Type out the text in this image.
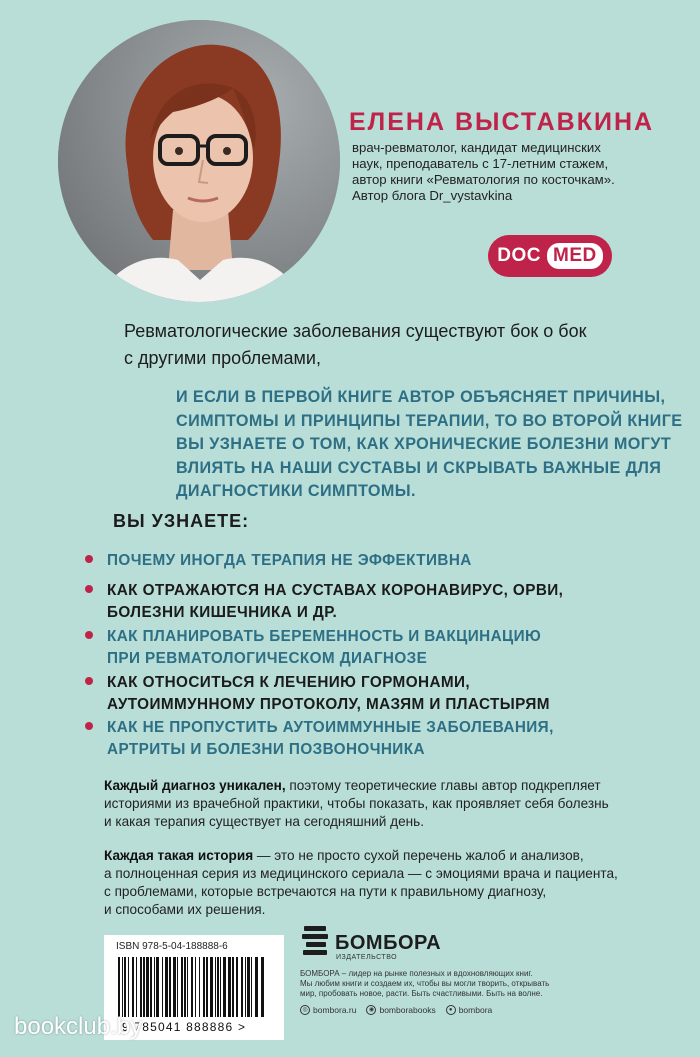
ЕЛЕНА ВЫСТАВКИНА
врач-ревматолог, кандидат медицинских
наук, преподаватель с 17-летним стажем,
автор книги «Ревматология по косточкам».
Автор блога Dr_vystavkina
DOC MED
Ревматологические заболевания существуют бок о бок
с другими проблемами,
И ЕСЛИ В ПЕРВОЙ КНИГЕ АВТОР ОБЪЯСНЯЕТ ПРИЧИНЫ,
СИМПТОМЫ И ПРИНЦИПЫ ТЕРАПИИ, ТО ВО ВТОРОЙ КНИГЕ
ВЫ УЗНАЕТЕ О ТОМ, КАК ХРОНИЧЕСКИЕ БОЛЕЗНИ МОГУТ
ВЛИЯТЬ НА НАШИ СУСТАВЫ И СКРЫВАТЬ ВАЖНЫЕ ДЛЯ
ДИАГНОСТИКИ СИМПТОМЫ.
ВЫ УЗНАЕТЕ:
ПОЧЕМУ ИНОГДА ТЕРАПИЯ НЕ ЭФФЕКТИВНА
КАК ОТРАЖАЮТСЯ НА СУСТАВАХ КОРОНАВИРУС, ОРВИ,
БОЛЕЗНИ КИШЕЧНИКА И ДР.
КАК ПЛАНИРОВАТЬ БЕРЕМЕННОСТЬ И ВАКЦИНАЦИЮ
ПРИ РЕВМАТОЛОГИЧЕСКОМ ДИАГНОЗЕ
КАК ОТНОСИТЬСЯ К ЛЕЧЕНИЮ ГОРМОНАМИ,
АУТОИММУННОМУ ПРОТОКОЛУ, МАЗЯМ И ПЛАСТЫРЯМ
КАК НЕ ПРОПУСТИТЬ АУТОИММУННЫЕ ЗАБОЛЕВАНИЯ,
АРТРИТЫ И БОЛЕЗНИ ПОЗВОНОЧНИКА
Каждый диагноз уникален, поэтому теоретические главы автор подкрепляет
историями из врачебной практики, чтобы показать, как проявляет себя болезнь
и какая терапия существует на сегодняшний день.
Каждая такая история — это не просто сухой перечень жалоб и анализов,
а полноценная серия из медицинского сериала — с эмоциями врача и пациента,
с проблемами, которые встречаются на пути к правильному диагнозу,
и способами их решения.
ISBN 978-5-04-188888-6
9 785041 888886 >
БОМБОРА
ИЗДАТЕЛЬСТВО
БОМБОРА – лидер на рынке полезных и вдохновляющих книг.
Мы любим книги и создаем их, чтобы вы могли творить, открывать
мир, пробовать новое, расти. Быть счастливыми. Быть на волне.
◎ bombora.ru	◉ bomborabooks	● bombora
bookclub.by
